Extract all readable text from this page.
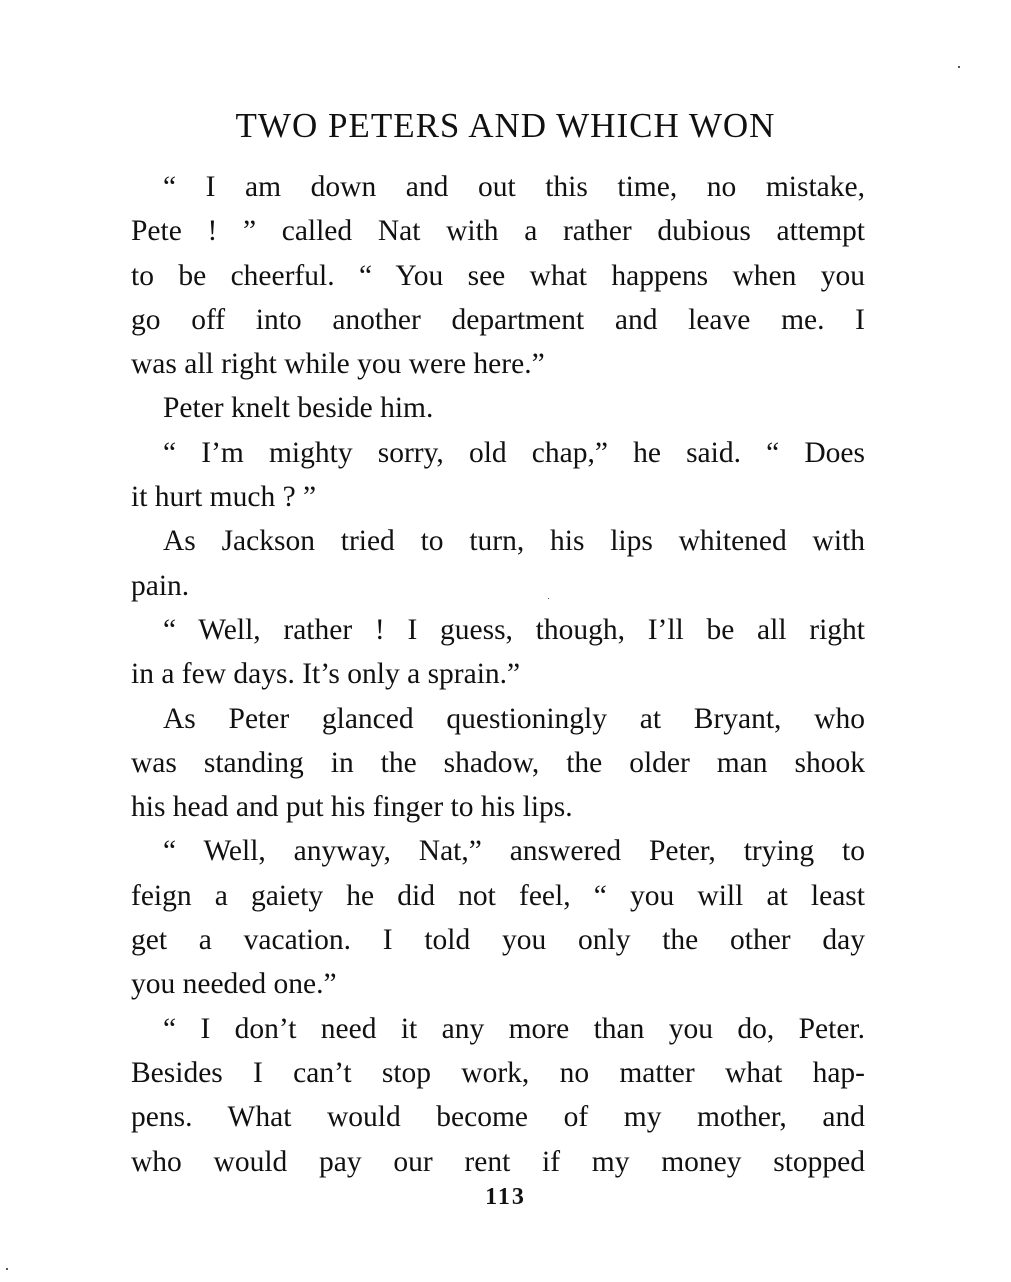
TWO PETERS AND WHICH WON
“ I am down and out this time, no mistake,
Pete ! ” called Nat with a rather dubious attempt
to be cheerful. “ You see what happens when you
go off into another department and leave me. I
was all right while you were here.”
Peter knelt beside him.
“ I’m mighty sorry, old chap,” he said. “ Does
it hurt much ? ”
As Jackson tried to turn, his lips whitened with
pain.
“ Well, rather ! I guess, though, I’ll be all right
in a few days. It’s only a sprain.”
As Peter glanced questioningly at Bryant, who
was standing in the shadow, the older man shook
his head and put his finger to his lips.
“ Well, anyway, Nat,” answered Peter, trying to
feign a gaiety he did not feel, “ you will at least
get a vacation. I told you only the other day
you needed one.”
“ I don’t need it any more than you do, Peter.
Besides I can’t stop work, no matter what hap-
pens. What would become of my mother, and
who would pay our rent if my money stopped
113
